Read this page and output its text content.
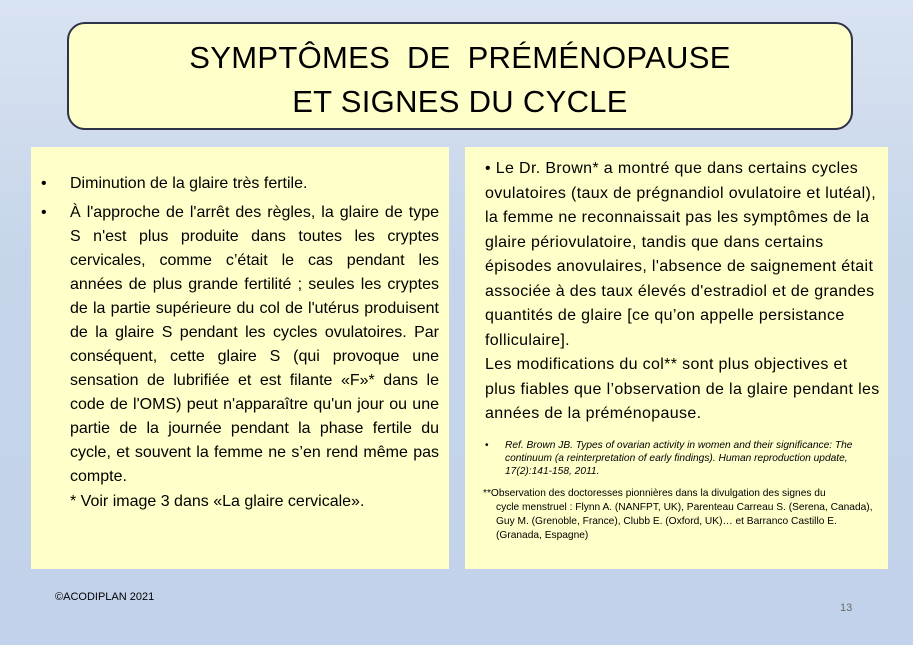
SYMPTÔMES DE PRÉMÉNOPAUSE
ET SIGNES DU CYCLE
• Diminution de la glaire très fertile.
• À l'approche de l'arrêt des règles, la glaire de type S n'est plus produite dans toutes les cryptes cervicales, comme c’était le cas pendant les années de plus grande fertilité ; seules les cryptes de la partie supérieure du col de l'utérus produisent de la glaire S pendant les cycles ovulatoires. Par conséquent, cette glaire S (qui provoque une sensation de lubrifiée et est filante «F»* dans le code de l'OMS) peut n'apparaître qu'un jour ou une partie de la journée pendant la phase fertile du cycle, et souvent la femme ne s’en rend même pas compte.
* Voir image 3 dans «La glaire cervicale».
• Le Dr. Brown* a montré que dans certains cycles ovulatoires (taux de prégnandiol ovulatoire et lutéal), la femme ne reconnaissait pas les symptômes de la glaire périovulatoire, tandis que dans certains épisodes anovulaires, l'absence de saignement était associée à des taux élevés d'estradiol et de grandes quantités de glaire [ce qu’on appelle persistance folliculaire].
Les modifications du col** sont plus objectives et plus fiables que l’observation de la glaire pendant les années de la préménopause.
• Ref. Brown JB. Types of ovarian activity in women and their significance: The continuum (a reinterpretation of early findings). Human reproduction update, 17(2):141-158, 2011.
**Observation des doctoresses pionnières dans la divulgation des signes du
cycle menstruel : Flynn A. (NANFPT, UK), Parenteau Carreau S. (Serena, Canada), Guy M. (Grenoble, France), Clubb E. (Oxford, UK)… et Barranco Castillo E. (Granada, Espagne)
©ACODIPLAN 2021
13
